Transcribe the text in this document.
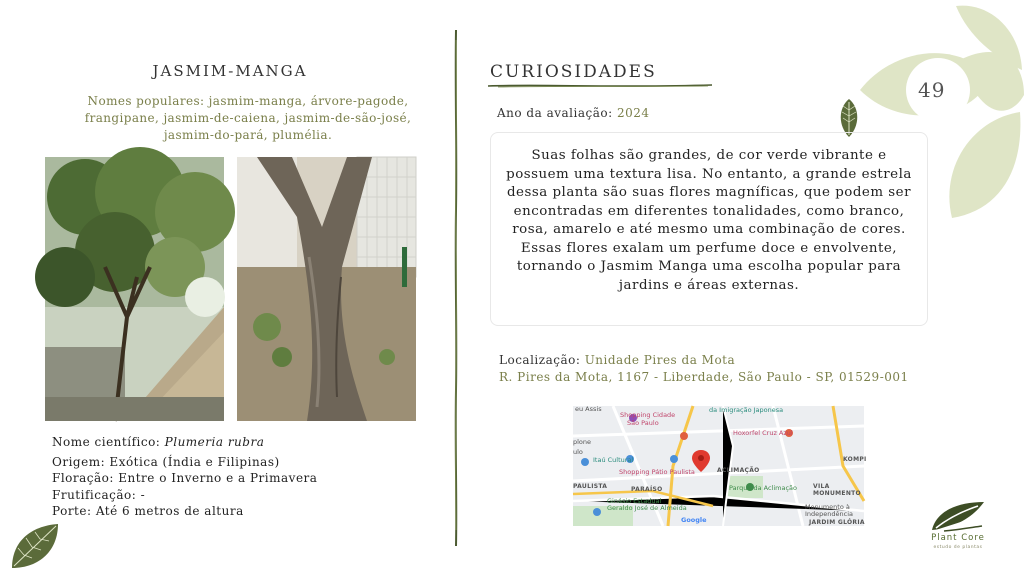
49
JASMIM-MANGA
Nomes populares: jasmim-manga, árvore-pagode, frangipane, jasmim-de-caiena, jasmim-de-são-josé, jasmim-do-pará, plumélia.
Nome científico: Plumeria rubra
Origem: Exótica (Índia e Filipinas)
Floração: Entre o Inverno e a Primavera
Frutificação: -
Porte: Até 6 metros de altura
CURIOSIDADES
Ano da avaliação: 2024
Suas folhas são grandes, de cor verde vibrante e possuem uma textura lisa. No entanto, a grande estrela dessa planta são suas flores magníficas, que podem ser encontradas em diferentes tonalidades, como branco, rosa, amarelo e até mesmo uma combinação de cores. Essas flores exalam um perfume doce e envolvente, tornando o Jasmim Manga uma escolha popular para jardins e áreas externas.
Localização: Unidade Pires da Mota
R. Pires da Mota, 1167 - Liberdade, São Paulo - SP, 01529-001
eu Assis
Shopping Cidade
São Paulo
da Imigração Japonesa
Hoxorfel Cruz Azul
plone
ulo
Itaú Cultural
Shopping Pátio Paulista	ACLIMAÇÃO
KOMPI
PAULISTA	PARAÍSO	Parque da Aclimação	VILA MONUMENTO
Ginásio Estadual Geraldo José de Almeida	Monumento à Independência
Google	JARDIM GLÓRIA
Plant Core
estudo de plantas
